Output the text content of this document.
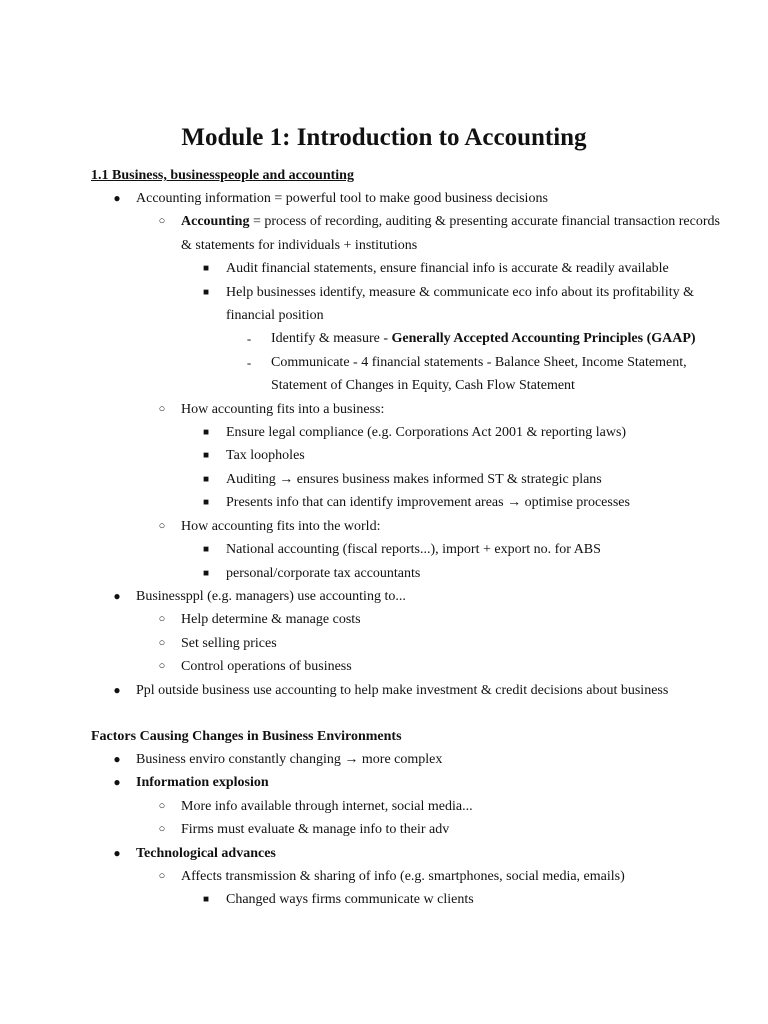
Module 1: Introduction to Accounting

1.1 Business, businesspeople and accounting

●	Accounting information = powerful tool to make good business decisions
○	Accounting = process of recording, auditing & presenting accurate financial transaction records & statements for individuals + institutions
■	Audit financial statements, ensure financial info is accurate & readily available
■	Help businesses identify, measure & communicate eco info about its profitability & financial position
-	Identify & measure - Generally Accepted Accounting Principles (GAAP)
-	Communicate - 4 financial statements - Balance Sheet, Income Statement, Statement of Changes in Equity, Cash Flow Statement
○	How accounting fits into a business:
■	Ensure legal compliance (e.g. Corporations Act 2001 & reporting laws)
■	Tax loopholes
■	Auditing → ensures business makes informed ST & strategic plans
■	Presents info that can identify improvement areas → optimise processes
○	How accounting fits into the world:
■	National accounting (fiscal reports...), import + export no. for ABS
■	personal/corporate tax accountants
●	Businessppl (e.g. managers) use accounting to...
○	Help determine & manage costs
○	Set selling prices
○	Control operations of business
●	Ppl outside business use accounting to help make investment & credit decisions about business

Factors Causing Changes in Business Environments

●	Business enviro constantly changing → more complex
●	Information explosion
○	More info available through internet, social media...
○	Firms must evaluate & manage info to their adv
●	Technological advances
○	Affects transmission & sharing of info (e.g. smartphones, social media, emails)
■	Changed ways firms communicate w clients
